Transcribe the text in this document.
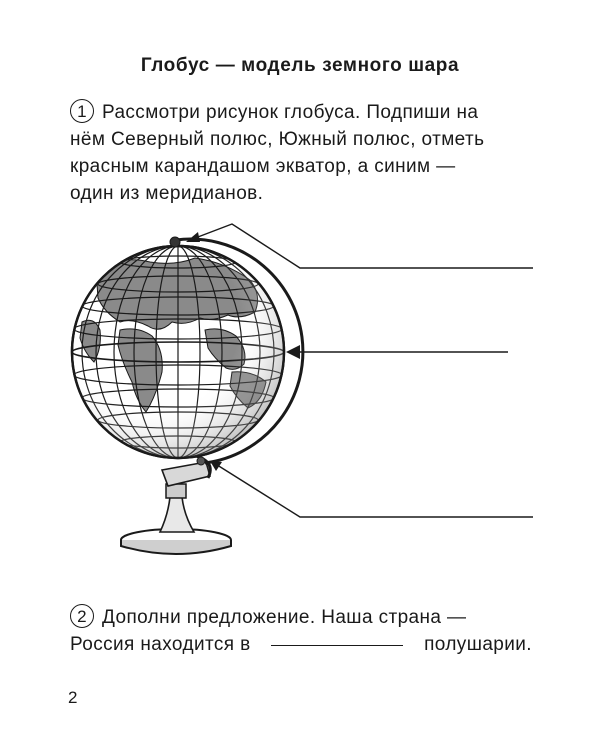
Глобус — модель земного шара
1 Рассмотри рисунок глобуса. Подпиши на
нём Северный полюс, Южный полюс, отметь
красным карандашом экватор, а синим —
один из меридианов.
2 Дополни предложение. Наша страна —
Россия находится в	полушарии.
2
